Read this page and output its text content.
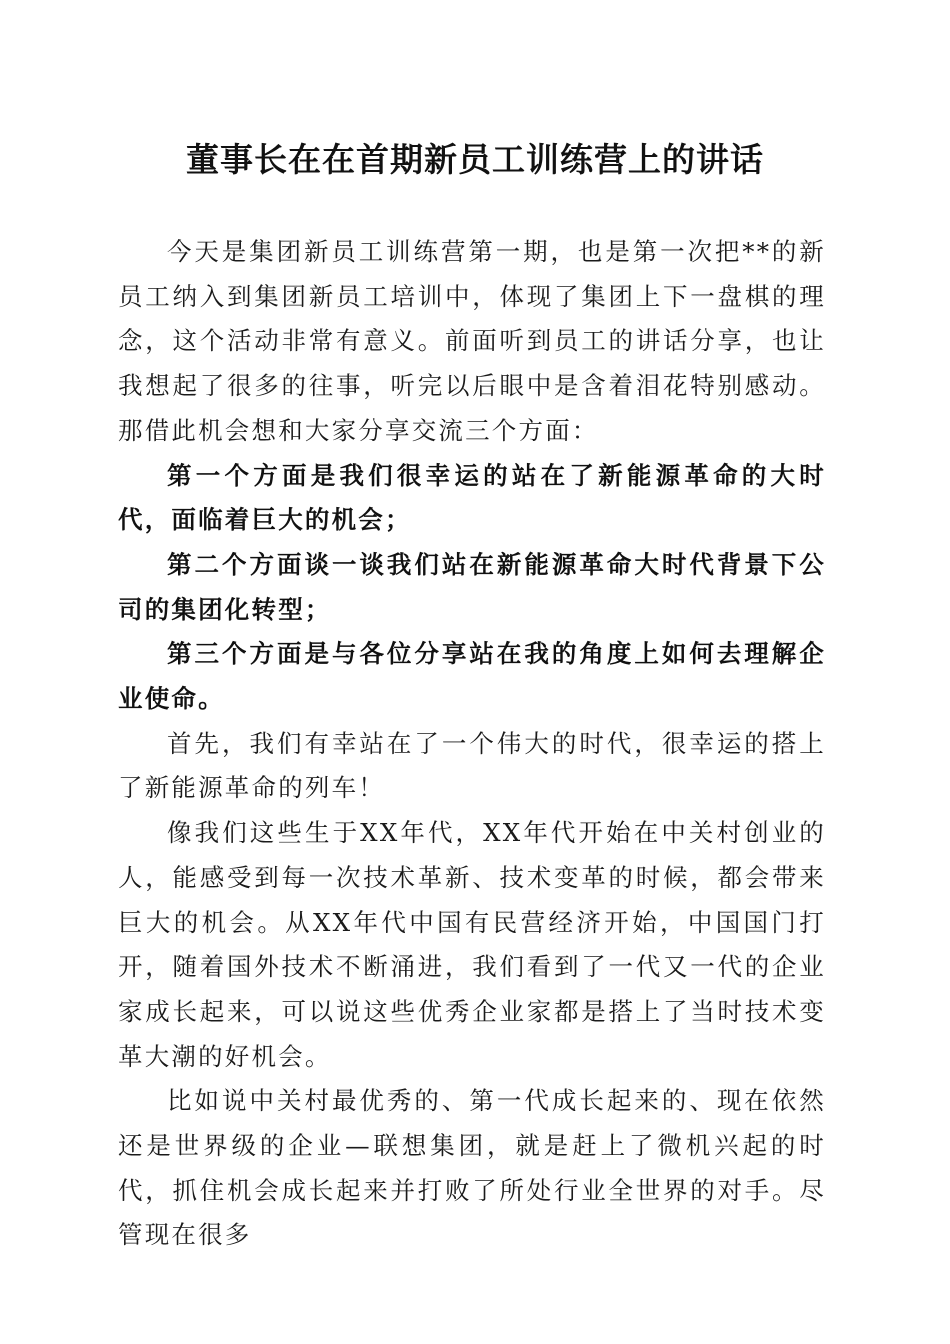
董事长在在首期新员工训练营上的讲话

今天是集团新员工训练营第一期，也是第一次把**的新员工纳入到集团新员工培训中，体现了集团上下一盘棋的理念，这个活动非常有意义。前面听到员工的讲话分享，也让我想起了很多的往事，听完以后眼中是含着泪花特别感动。那借此机会想和大家分享交流三个方面：

第一个方面是我们很幸运的站在了新能源革命的大时代，面临着巨大的机会；

第二个方面谈一谈我们站在新能源革命大时代背景下公司的集团化转型；

第三个方面是与各位分享站在我的角度上如何去理解企业使命。

首先，我们有幸站在了一个伟大的时代，很幸运的搭上了新能源革命的列车！

像我们这些生于XX年代，XX年代开始在中关村创业的人，能感受到每一次技术革新、技术变革的时候，都会带来巨大的机会。从XX年代中国有民营经济开始，中国国门打开，随着国外技术不断涌进，我们看到了一代又一代的企业家成长起来，可以说这些优秀企业家都是搭上了当时技术变革大潮的好机会。

比如说中关村最优秀的、第一代成长起来的、现在依然还是世界级的企业—联想集团，就是赶上了微机兴起的时代，抓住机会成长起来并打败了所处行业全世界的对手。尽管现在很多
